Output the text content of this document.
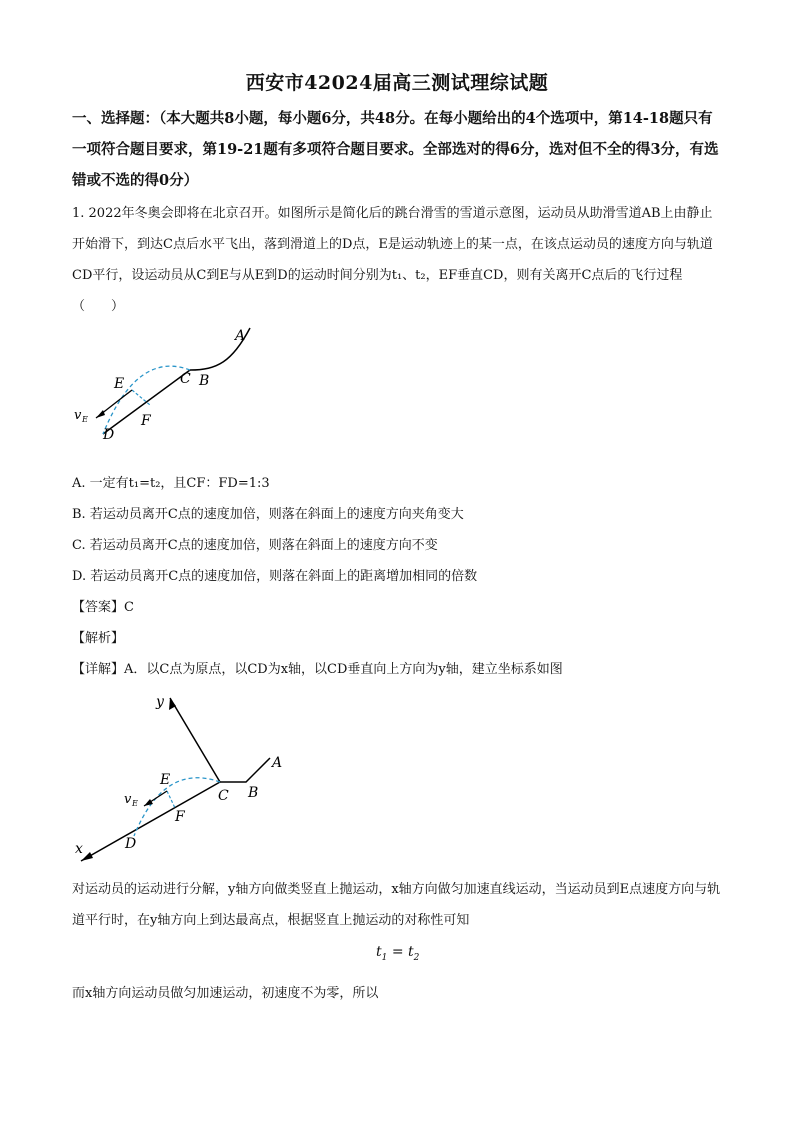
西安市42024届高三测试理综试题
一、选择题：（本大题共8小题，每小题6分，共48分。在每小题给出的4个选项中，第14-18题只有一项符合题目要求，第19-21题有多项符合题目要求。全部选对的得6分，选对但不全的得3分，有选错或不选的得0分）
1. 2022年冬奥会即将在北京召开。如图所示是简化后的跳台滑雪的雪道示意图，运动员从助滑雪道AB上由静止开始滑下，到达C点后水平飞出，落到滑道上的D点，E是运动轨迹上的某一点，在该点运动员的速度方向与轨道CD平行，设运动员从C到E与从E到D的运动时间分别为t₁、t₂，EF垂直CD，则有关离开C点后的飞行过程（　　）
A
C B
E
F
v E
D
A. 一定有t₁=t₂，且CF：FD=1:3
B. 若运动员离开C点的速度加倍，则落在斜面上的速度方向夹角变大
C. 若运动员离开C点的速度加倍，则落在斜面上的速度方向不变
D. 若运动员离开C点的速度加倍，则落在斜面上的距离增加相同的倍数
【答案】C
【解析】
【详解】A．以C点为原点，以CD为x轴，以CD垂直向上方向为y轴，建立坐标系如图
y
A
C B
E
v E
F
D
x
对运动员的运动进行分解，y轴方向做类竖直上抛运动，x轴方向做匀加速直线运动，当运动员到E点速度方向与轨道平行时，在y轴方向上到达最高点，根据竖直上抛运动的对称性可知
$t_1 = t_2$
而x轴方向运动员做匀加速运动，初速度不为零，所以
